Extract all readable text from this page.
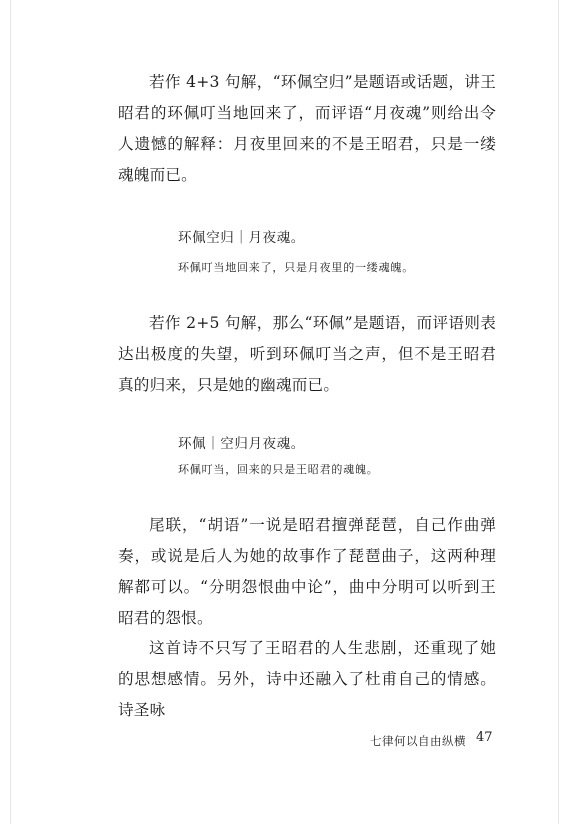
若作 4+3 句解，“环佩空归”是题语或话题，讲王昭君的环佩叮当地回来了，而评语“月夜魂”则给出令人遗憾的解释：月夜里回来的不是王昭君，只是一缕魂魄而已。

环佩空归｜月夜魂。

环佩叮当地回来了，只是月夜里的一缕魂魄。

若作 2+5 句解，那么“环佩”是题语，而评语则表达出极度的失望，听到环佩叮当之声，但不是王昭君真的归来，只是她的幽魂而已。

环佩｜空归月夜魂。

环佩叮当，回来的只是王昭君的魂魄。

尾联，“胡语”一说是昭君擅弹琵琶，自己作曲弹奏，或说是后人为她的故事作了琵琶曲子，这两种理解都可以。“分明怨恨曲中论”，曲中分明可以听到王昭君的怨恨。

这首诗不只写了王昭君的人生悲剧，还重现了她的思想感情。另外，诗中还融入了杜甫自己的情感。诗圣咏

七律何以自由纵横 47
